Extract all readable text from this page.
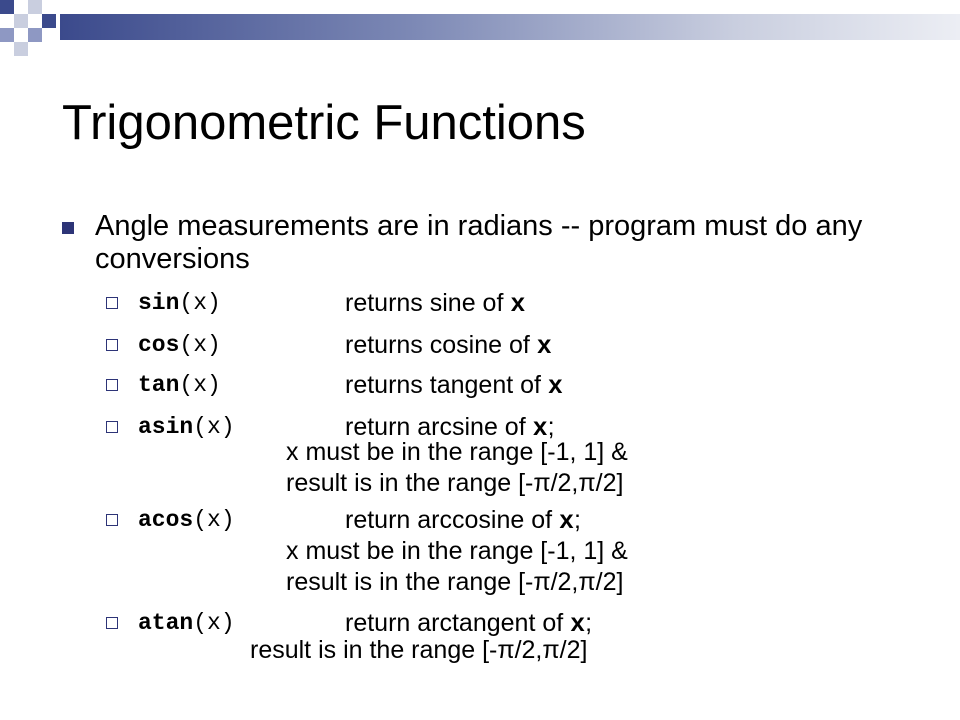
Trigonometric Functions
Angle measurements are in radians -- program must do any conversions
sin(x)	returns sine of x
cos(x)	returns cosine of x
tan(x)	returns tangent of x
asin(x)	return arcsine of x;
x must be in the range [-1, 1] &
result is in the range [-π/2,π/2]
acos(x)	return arccosine of x;
x must be in the range [-1, 1] &
result is in the range [-π/2,π/2]
atan(x)	return arctangent of x;
result is in the range [-π/2,π/2]
